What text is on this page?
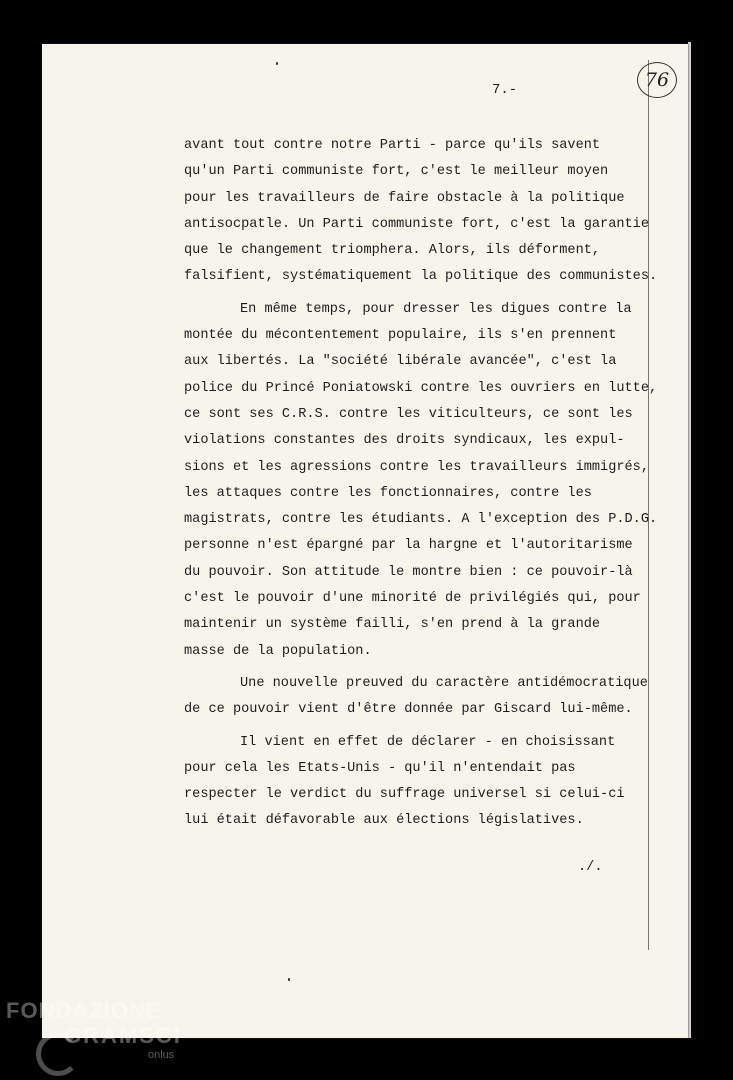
7.-	76

avant tout contre notre Parti - parce qu'ils savent

qu'un Parti communiste fort, c'est le meilleur moyen

pour les travailleurs de faire obstacle à la politique

antisocpatle. Un Parti communiste fort, c'est la garantie

que le changement triomphera. Alors, ils déforment,

falsifient, systématiquement la politique des communistes.

En même temps, pour dresser les digues contre la

montée du mécontentement populaire, ils s'en prennent

aux libertés. La "société libérale avancée", c'est la

police du Princé Poniatowski contre les ouvriers en lutte,

ce sont ses C.R.S. contre les viticulteurs, ce sont les

violations constantes des droits syndicaux, les expul-

sions et les agressions contre les travailleurs immigrés,

les attaques contre les fonctionnaires, contre les

magistrats, contre les étudiants. A l'exception des P.D.G.

personne n'est épargné par la hargne et l'autoritarisme

du pouvoir. Son attitude le montre bien : ce pouvoir-là

c'est le pouvoir d'une minorité de privilégiés qui, pour

maintenir un système failli, s'en prend à la grande

masse de la population.

Une nouvelle preuved du caractère antidémocratique

de ce pouvoir vient d'être donnée par Giscard lui-même.

Il vient en effet de déclarer - en choisissant

pour cela les Etats-Unis - qu'il n'entendait pas

respecter le verdict du suffrage universel si celui-ci

lui était défavorable aux élections législatives.

./.
FONDAZIONE
GRAMSCI
onlus
